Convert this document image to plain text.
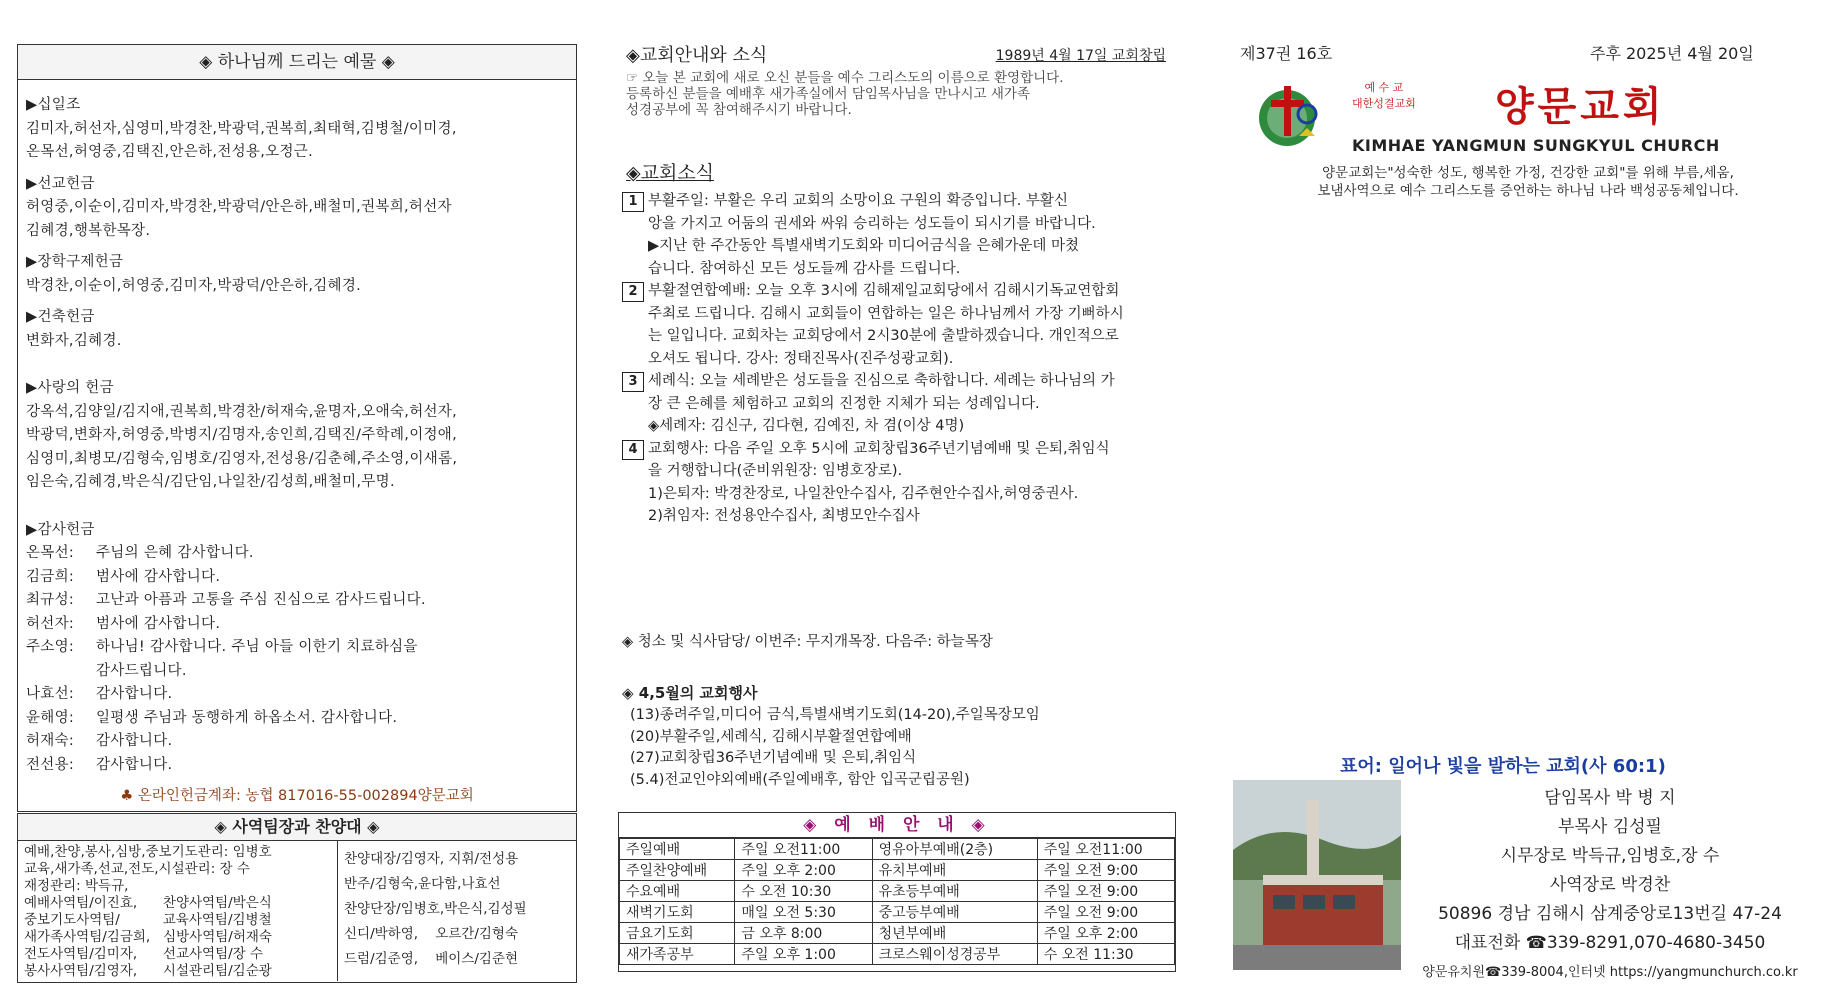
◈ 하나님께 드리는 예물 ◈
▶십일조
김미자,허선자,심영미,박경찬,박광덕,권복희,최태혁,김병철/이미경,
온목선,허영중,김택진,안은하,전성용,오정근.
▶선교헌금
허영중,이순이,김미자,박경찬,박광덕/안은하,배철미,권복희,허선자
김혜경,행복한목장.
▶장학구제헌금
박경찬,이순이,허영중,김미자,박광덕/안은하,김혜경.
▶건축헌금
변화자,김혜경.
▶사랑의 헌금
강옥석,김양일/김지애,권복희,박경찬/허재숙,윤명자,오애숙,허선자,
박광덕,변화자,허영중,박병지/김명자,송인희,김택진/주학례,이정애,
심영미,최병모/김형숙,임병호/김영자,전성용/김춘혜,주소영,이새롬,
임은숙,김혜경,박은식/김단임,나일찬/김성희,배철미,무명.
▶감사헌금
온목선:	주님의 은혜 감사합니다.
김금희:	범사에 감사합니다.
최규성:	고난과 아픔과 고통을 주심 진심으로 감사드립니다.
허선자:	범사에 감사합니다.
주소영:	하나님! 감사합니다. 주님 아들 이한기 치료하심을
감사드립니다.
나효선:	감사합니다.
윤해영:	일평생 주님과 동행하게 하옵소서. 감사합니다.
허재숙:	감사합니다.
전선용:	감사합니다.
♣ 온라인헌금계좌: 농협 817016-55-002894양문교회
◈ 사역팀장과 찬양대 ◈
예배,찬양,봉사,심방,중보기도관리: 임병호
교육,새가족,선교,전도,시설관리: 장 수
재정관리: 박득규,
예배사역팀/이진효,      찬양사역팀/박은식
중보기도사역팀/          교육사역팀/김병철
새가족사역팀/김금희,   심방사역팀/허재숙
전도사역팀/김미자,      선교사역팀/장 수
봉사사역팀/김영자,      시설관리팀/김순광
찬양대장/김영자, 지휘/전성용
반주/김형숙,윤다함,나효선
찬양단장/임병호,박은식,김성필
신디/박하영,    오르간/김형숙
드럼/김준영,    베이스/김준현
◈교회안내와 소식	1989년 4월 17일 교회창립
☞ 오늘 본 교회에 새로 오신 분들을 예수 그리스도의 이름으로 환영합니다.
등록하신 분들을 예배후 새가족실에서 담임목사님을 만나시고 새가족
성경공부에 꼭 참여해주시기 바랍니다.
◈교회소식
1 부활주일: 부활은 우리 교회의 소망이요 구원의 확증입니다. 부활신
앙을 가지고 어둠의 권세와 싸워 승리하는 성도들이 되시기를 바랍니다.
▶지난 한 주간동안 특별새벽기도회와 미디어금식을 은혜가운데 마쳤
습니다. 참여하신 모든 성도들께 감사를 드립니다.
2 부활절연합예배: 오늘 오후 3시에 김해제일교회당에서 김해시기독교연합회
주최로 드립니다. 김해시 교회들이 연합하는 일은 하나님께서 가장 기뻐하시
는 일입니다. 교회차는 교회당에서 2시30분에 출발하겠습니다. 개인적으로
오셔도 됩니다. 강사: 정태진목사(진주성광교회).
3 세례식: 오늘 세례받은 성도들을 진심으로 축하합니다. 세례는 하나님의 가
장 큰 은혜를 체험하고 교회의 진정한 지체가 되는 성례입니다.
◈세례자: 김신구, 김다현, 김예진, 차 겸(이상 4명)
4 교회행사: 다음 주일 오후 5시에 교회창립36주년기념예배 및 은퇴,취임식
을 거행합니다(준비위원장: 임병호장로).
1)은퇴자: 박경찬장로, 나일찬안수집사, 김주현안수집사,허영중권사.
2)취임자: 전성용안수집사, 최병모안수집사
◈ 청소 및 식사담당/ 이번주: 무지개목장. 다음주: 하늘목장
◈ 4,5월의 교회행사
(13)종려주일,미디어 금식,특별새벽기도회(14-20),주일목장모임
(20)부활주일,세례식, 김해시부활절연합예배
(27)교회창립36주년기념예배 및 은퇴,취임식
(5.4)전교인야외예배(주일예배후, 함안 입곡군립공원)
◈ 예 배 안 내 ◈
주일예배	주일 오전11:00	영유아부예배(2층)	주일 오전11:00
주일찬양예배	주일 오후 2:00	유치부예배	주일 오전 9:00
수요예배	수 오전 10:30	유초등부예배	주일 오전 9:00
새벽기도회	매일 오전 5:30	중고등부예배	주일 오전 9:00
금요기도회	금 오후 8:00	청년부예배	주일 오후 2:00
새가족공부	주일 오후 1:00	크로스웨이성경공부	수 오전 11:30
제37권 16호	주후 2025년 4월 20일
예 수 교
대한성결교회 양문교회
KIMHAE YANGMUN SUNGKYUL CHURCH
양문교회는"성숙한 성도, 행복한 가정, 건강한 교회"를 위해 부름,세움,
보냄사역으로 예수 그리스도를 증언하는 하나님 나라 백성공동체입니다.
표어: 일어나 빛을 발하는 교회(사 60:1)
담임목사 박 병 지
부목사 김성필
시무장로 박득규,임병호,장 수
사역장로 박경찬
50896 경남 김해시 삼계중앙로13번길 47-24
대표전화 ☎339-8291,070-4680-3450
양문유치원☎339-8004,인터넷 https://yangmunchurch.co.kr
